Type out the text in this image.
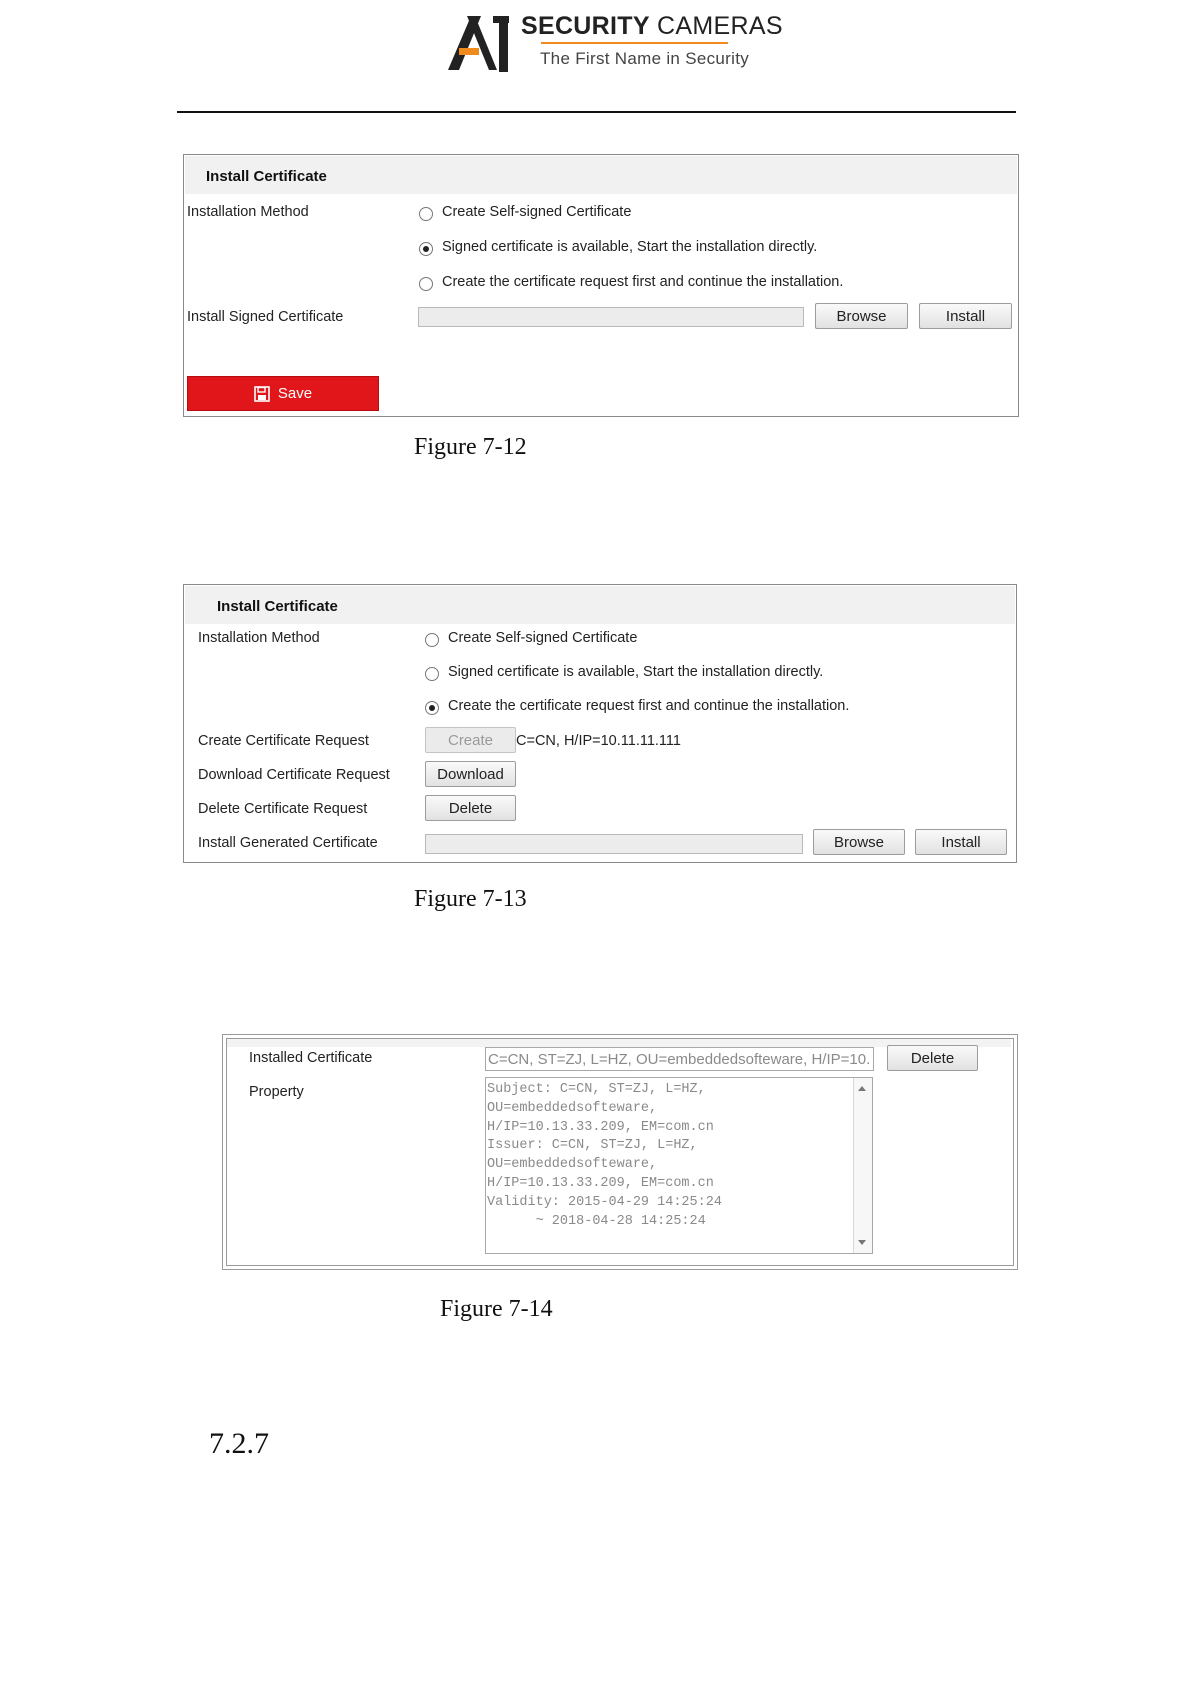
SECURITY CAMERAS
The First Name in Security
Install Certificate
Installation Method	Create Self-signed Certificate
Signed certificate is available, Start the installation directly.
Create the certificate request first and continue the installation.
Install Signed Certificate	Browse	Install
Save
Figure 7-12
Install Certificate
Installation Method	Create Self-signed Certificate
Signed certificate is available, Start the installation directly.
Create the certificate request first and continue the installation.
Create Certificate Request	Create	C=CN, H/IP=10.11.11.111
Download Certificate Request	Download
Delete Certificate Request	Delete
Install Generated Certificate	Browse	Install
Figure 7-13
Installed Certificate	C=CN, ST=ZJ, L=HZ, OU=embeddedsofteware, H/IP=10.	Delete
Property	Subject: C=CN, ST=ZJ, L=HZ,
OU=embeddedsofteware,
H/IP=10.13.33.209, EM=com.cn
Issuer: C=CN, ST=ZJ, L=HZ,
OU=embeddedsofteware,
H/IP=10.13.33.209, EM=com.cn
Validity: 2015-04-29 14:25:24
~ 2018-04-28 14:25:24
Figure 7-14
7.2.7
